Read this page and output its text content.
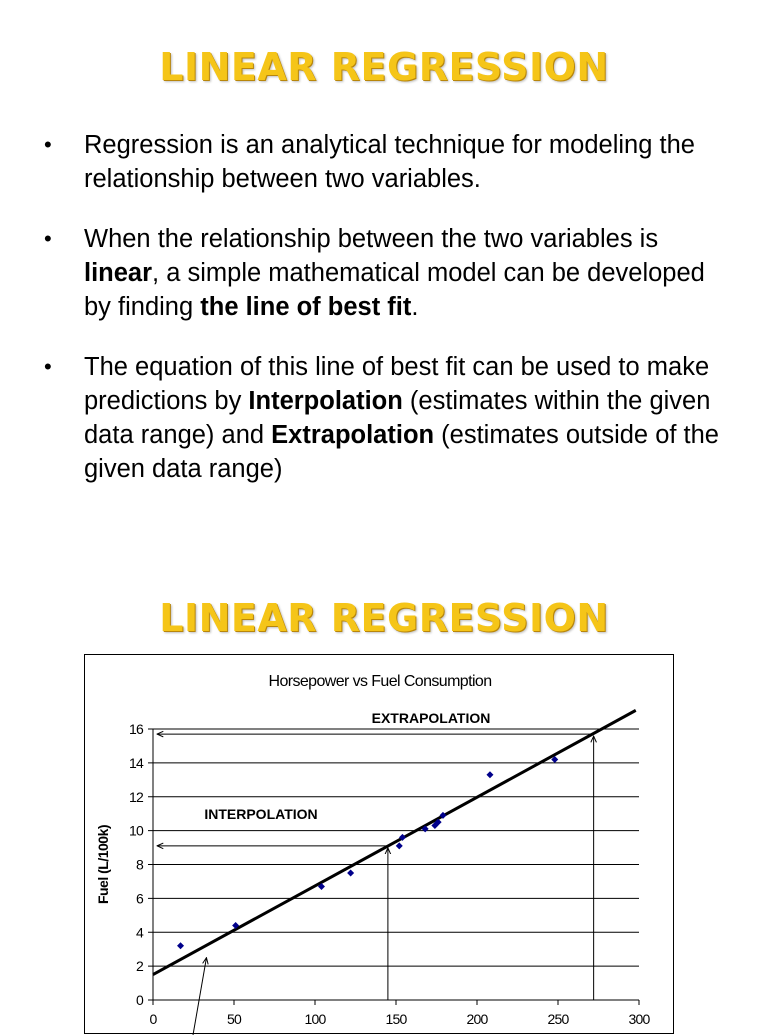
LINEAR REGRESSION
• Regression is an analytical technique for modeling the relationship between two variables.
• When the relationship between the two variables is linear, a simple mathematical model can be developed by finding the line of best fit.
• The equation of this line of best fit can be used to make predictions by Interpolation (estimates within the given data range) and Extrapolation (estimates outside of the given data range)
LINEAR REGRESSION
Horsepower vs Fuel Consumption
0
2
4
6
8
10
12
14
16
0	50	100	150	200	250	300
Fuel (L/100k)
EXTRAPOLATION
INTERPOLATION
